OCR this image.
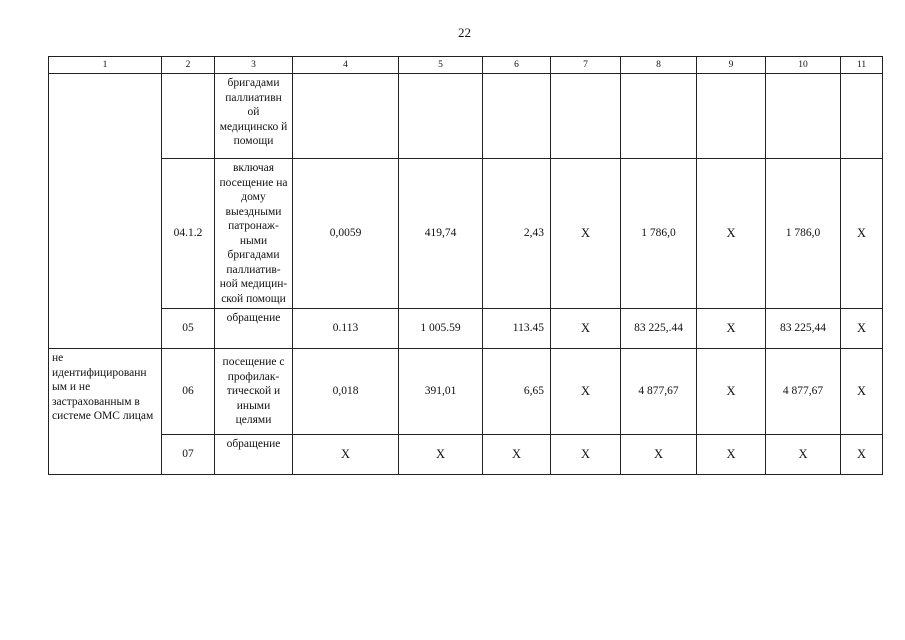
22
1	2	3	4	5	6	7	8	9	10	11
		бригадами паллиативн ой медицинско й помощи								
	04.1.2	включая посещение на дому выездными патронаж-ными бригадами паллиатив-ной медицин-ской помощи	0,0059	419,74	2,43	X	1 786,0	X	1 786,0	X
	05	обращение	0.113	1 005.59	113.45	X	83 225,.44	X	83 225,44	X
не идентифицированн ым и не застрахованным в системе ОМС лицам	06	посещение с профилак-тической и иными целями	0,018	391,01	6,65	X	4 877,67	X	4 877,67	X
	07	обращение	X	X	X	X	X	X	X	X
